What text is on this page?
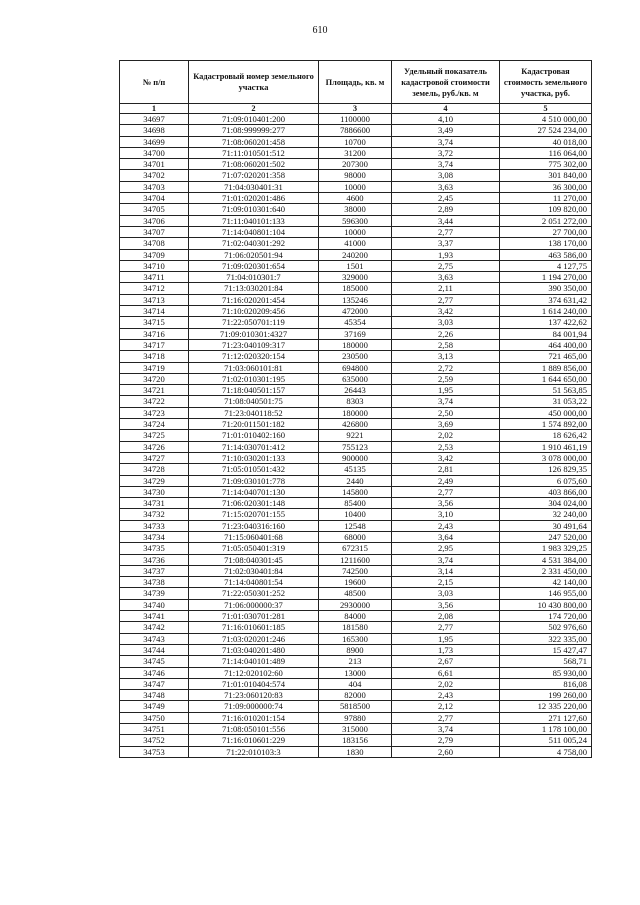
610
№ п/п	Кадастровый номер земельного участка	Площадь, кв. м	Удельный показатель кадастровой стоимости земель, руб./кв. м	Кадастровая стоимость земельного участка, руб.
1	2	3	4	5
34697	71:09:010401:200	1100000	4,10	4 510 000,00
34698	71:08:999999:277	7886600	3,49	27 524 234,00
34699	71:08:060201:458	10700	3,74	40 018,00
34700	71:11:010501:512	31200	3,72	116 064,00
34701	71:08:060201:502	207300	3,74	775 302,00
34702	71:07:020201:358	98000	3,08	301 840,00
34703	71:04:030401:31	10000	3,63	36 300,00
34704	71:01:020201:486	4600	2,45	11 270,00
34705	71:09:010301:640	38000	2,89	109 820,00
34706	71:11:040101:133	596300	3,44	2 051 272,00
34707	71:14:040801:104	10000	2,77	27 700,00
34708	71:02:040301:292	41000	3,37	138 170,00
34709	71:06:020501:94	240200	1,93	463 586,00
34710	71:09:020301:654	1501	2,75	4 127,75
34711	71:04:010301:7	329000	3,63	1 194 270,00
34712	71:13:030201:84	185000	2,11	390 350,00
34713	71:16:020201:454	135246	2,77	374 631,42
34714	71:10:020209:456	472000	3,42	1 614 240,00
34715	71:22:050701:119	45354	3,03	137 422,62
34716	71:09:010301:4327	37169	2,26	84 001,94
34717	71:23:040109:317	180000	2,58	464 400,00
34718	71:12:020320:154	230500	3,13	721 465,00
34719	71:03:060101:81	694800	2,72	1 889 856,00
34720	71:02:010301:195	635000	2,59	1 644 650,00
34721	71:18:040501:157	26443	1,95	51 563,85
34722	71:08:040501:75	8303	3,74	31 053,22
34723	71:23:040118:52	180000	2,50	450 000,00
34724	71:20:011501:182	426800	3,69	1 574 892,00
34725	71:01:010402:160	9221	2,02	18 626,42
34726	71:14:030701:412	755123	2,53	1 910 461,19
34727	71:10:030201:133	900000	3,42	3 078 000,00
34728	71:05:010501:432	45135	2,81	126 829,35
34729	71:09:030101:778	2440	2,49	6 075,60
34730	71:14:040701:130	145800	2,77	403 866,00
34731	71:06:020301:148	85400	3,56	304 024,00
34732	71:15:020701:155	10400	3,10	32 240,00
34733	71:23:040316:160	12548	2,43	30 491,64
34734	71:15:060401:68	68000	3,64	247 520,00
34735	71:05:050401:319	672315	2,95	1 983 329,25
34736	71:08:040301:45	1211600	3,74	4 531 384,00
34737	71:02:030401:84	742500	3,14	2 331 450,00
34738	71:14:040801:54	19600	2,15	42 140,00
34739	71:22:050301:252	48500	3,03	146 955,00
34740	71:06:000000:37	2930000	3,56	10 430 800,00
34741	71:01:030701:281	84000	2,08	174 720,00
34742	71:16:010601:185	181580	2,77	502 976,60
34743	71:03:020201:246	165300	1,95	322 335,00
34744	71:03:040201:480	8900	1,73	15 427,47
34745	71:14:040101:489	213	2,67	568,71
34746	71:12:020102:60	13000	6,61	85 930,00
34747	71:01:010404:574	404	2,02	816,08
34748	71:23:060120:83	82000	2,43	199 260,00
34749	71:09:000000:74	5818500	2,12	12 335 220,00
34750	71:16:010201:154	97880	2,77	271 127,60
34751	71:08:050101:556	315000	3,74	1 178 100,00
34752	71:16:010601:229	183156	2,79	511 005,24
34753	71:22:010103:3	1830	2,60	4 758,00
